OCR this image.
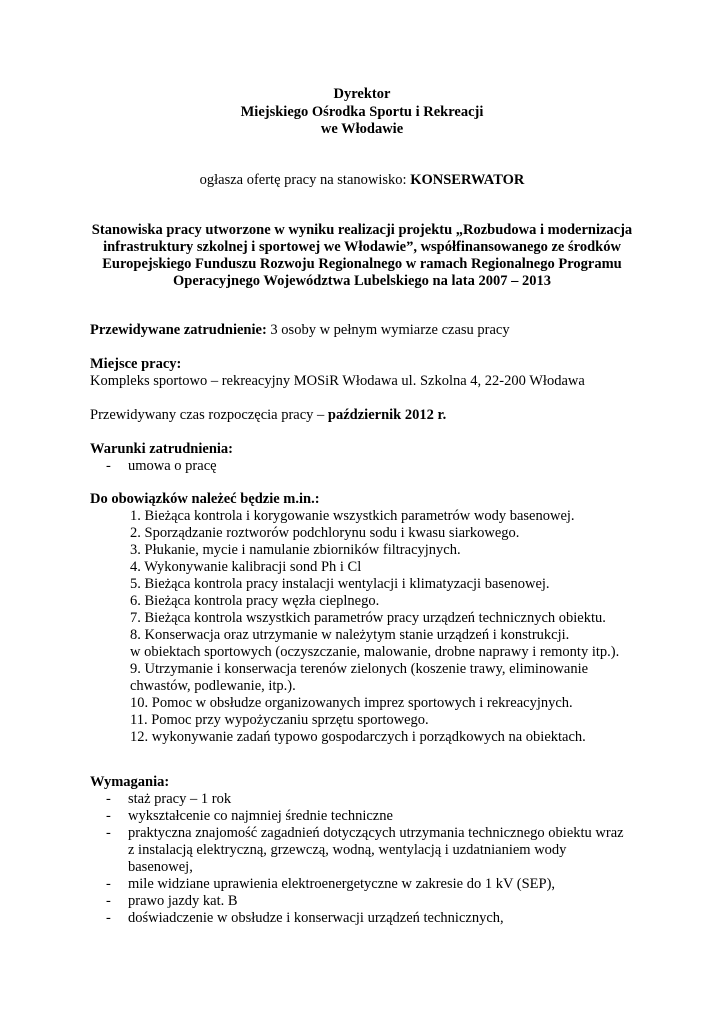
Dyrektor
Miejskiego Ośrodka Sportu i Rekreacji
we Włodawie
ogłasza ofertę pracy na stanowisko: KONSERWATOR
Stanowiska pracy utworzone w wyniku realizacji projektu „Rozbudowa i modernizacja
infrastruktury szkolnej i sportowej we Włodawie”, współfinansowanego ze środków
Europejskiego Funduszu Rozwoju Regionalnego w ramach Regionalnego Programu
Operacyjnego Województwa Lubelskiego na lata 2007 – 2013
Przewidywane zatrudnienie: 3 osoby w pełnym wymiarze czasu pracy
Miejsce pracy:
Kompleks sportowo – rekreacyjny MOSiR Włodawa ul. Szkolna 4, 22-200 Włodawa
Przewidywany czas rozpoczęcia pracy – październik 2012 r.
Warunki zatrudnienia:
- umowa o pracę
Do obowiązków należeć będzie m.in.:
1. Bieżąca kontrola i korygowanie wszystkich parametrów wody basenowej.
2. Sporządzanie roztworów podchlorynu sodu i kwasu siarkowego.
3. Płukanie, mycie i namulanie zbiorników filtracyjnych.
4. Wykonywanie kalibracji sond Ph i Cl
5. Bieżąca kontrola pracy instalacji wentylacji i klimatyzacji basenowej.
6. Bieżąca kontrola pracy węzła cieplnego.
7. Bieżąca kontrola wszystkich parametrów pracy urządzeń technicznych obiektu.
8. Konserwacja oraz utrzymanie w należytym stanie urządzeń i konstrukcji.
w obiektach sportowych (oczyszczanie, malowanie, drobne naprawy i remonty itp.).
9. Utrzymanie i konserwacja terenów zielonych (koszenie trawy, eliminowanie
chwastów, podlewanie, itp.).
10. Pomoc w obsłudze organizowanych imprez sportowych i rekreacyjnych.
11. Pomoc przy wypożyczaniu sprzętu sportowego.
12. wykonywanie zadań typowo gospodarczych i porządkowych na obiektach.
Wymagania:
- staż pracy – 1 rok
- wykształcenie co najmniej średnie techniczne
- praktyczna znajomość zagadnień dotyczących utrzymania technicznego obiektu wraz
z instalacją elektryczną, grzewczą, wodną, wentylacją i uzdatnianiem wody
basenowej,
- mile widziane uprawienia elektroenergetyczne w zakresie do 1 kV (SEP),
- prawo jazdy kat. B
- doświadczenie w obsłudze i konserwacji urządzeń technicznych,
